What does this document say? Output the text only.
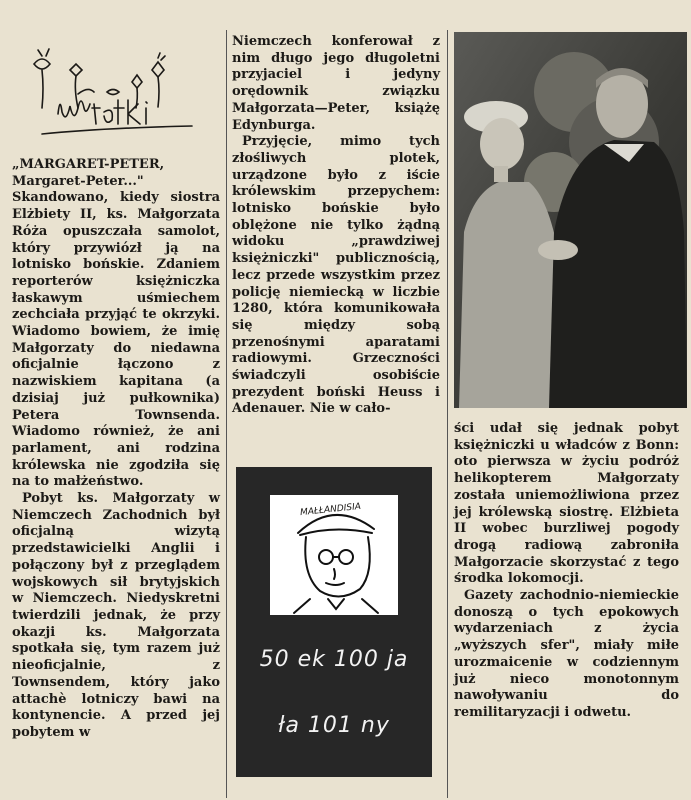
„MARGARET-PETER, Margaret-Peter..." Skandowano, kiedy siostra Elżbiety II, ks. Małgorzata Róża opuszczała samolot, który przywiózł ją na lotnisko bońskie. Zdaniem reporterów księżniczka łaskawym uśmiechem zechciała przyjąć te okrzyki. Wiadomo bowiem, że imię Małgorzaty do niedawna oficjalnie łączono z nazwiskiem kapitana (a dzisiaj już pułkownika) Petera Townsenda. Wiadomo również, że ani parlament, ani rodzina królewska nie zgodziła się na to małżeństwo.

Pobyt ks. Małgorzaty w Niemczech Zachodnich był oficjalną wizytą przedstawicielki Anglii i połączony był z przeglądem wojskowych sił brytyjskich w Niemczech. Niedyskretni twierdzili jednak, że przy okazji ks. Małgorzata spotkała się, tym razem już nieoficjalnie, z Townsendem, który jako attachè lotniczy bawi na kontynencie. A przed jej pobytem w

Niemczech konferował z nim długo jego długoletni przyjaciel i jedyny orędownik związku Małgorzata—Peter, książę Edynburga.

Przyjęcie, mimo tych złośliwych plotek, urządzone było z iście królewskim przepychem: lotnisko bońskie było oblężone nie tylko żądną widoku „prawdziwej księżniczki" publicznością, lecz przede wszystkim przez policję niemiecką w liczbie 1280, która komunikowała się między sobą przenośnymi aparatami radiowymi. Grzeczności świadczyli osobiście prezydent boński Heuss i Adenauer. Nie w cało-

MAŁŁANDISIA
50 ek 100 ja
ła 101 ny

ści udał się jednak pobyt księżniczki u władców z Bonn: oto pierwsza w życiu podróż helikopterem Małgorzaty została uniemożliwiona przez jej królewską siostrę. Elżbieta II wobec burzliwej pogody drogą radiową zabroniła Małgorzacie skorzystać z tego środka lokomocji.

Gazety zachodnio-niemieckie donoszą o tych epokowych wydarzeniach z życia „wyższych sfer", miały miłe urozmaicenie w codziennym już nieco monotonnym nawoływaniu do remilitaryzacji i odwetu.
